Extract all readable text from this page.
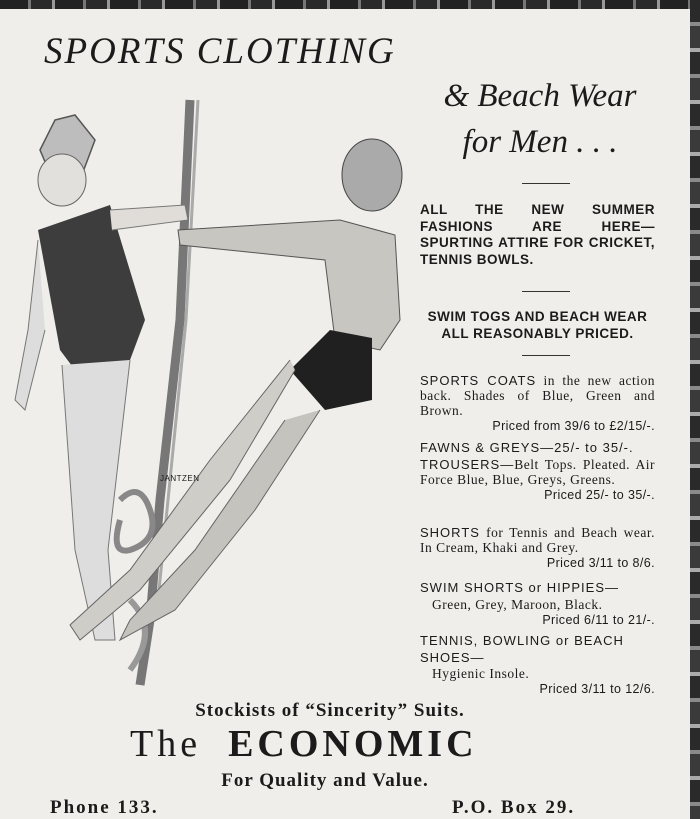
SPORTS CLOTHING
& Beach Wear
for Men . . .
JANTZEN
ALL THE NEW SUMMER FASHIONS ARE HERE—SPURTING ATTIRE FOR CRICKET, TENNIS BOWLS.
SWIM TOGS AND BEACH WEAR ALL REASONABLY PRICED.
SPORTS COATS in the new action back. Shades of Blue, Green and Brown.
Priced from 39/6 to £2/15/-.
FAWNS & GREYS—25/- to 35/-.
TROUSERS—Belt Tops. Pleated. Air Force Blue, Blue, Greys, Greens.
Priced 25/- to 35/-.
SHORTS for Tennis and Beach wear. In Cream, Khaki and Grey.
Priced 3/11 to 8/6.
SWIM SHORTS or HIPPIES—
Green, Grey, Maroon, Black.
Priced 6/11 to 21/-.
TENNIS, BOWLING or BEACH SHOES—
Hygienic Insole.
Priced 3/11 to 12/6.
Stockists of “Sincerity” Suits.
The ECONOMIC
For Quality and Value.
Phone 133.	P.O. Box 29.
